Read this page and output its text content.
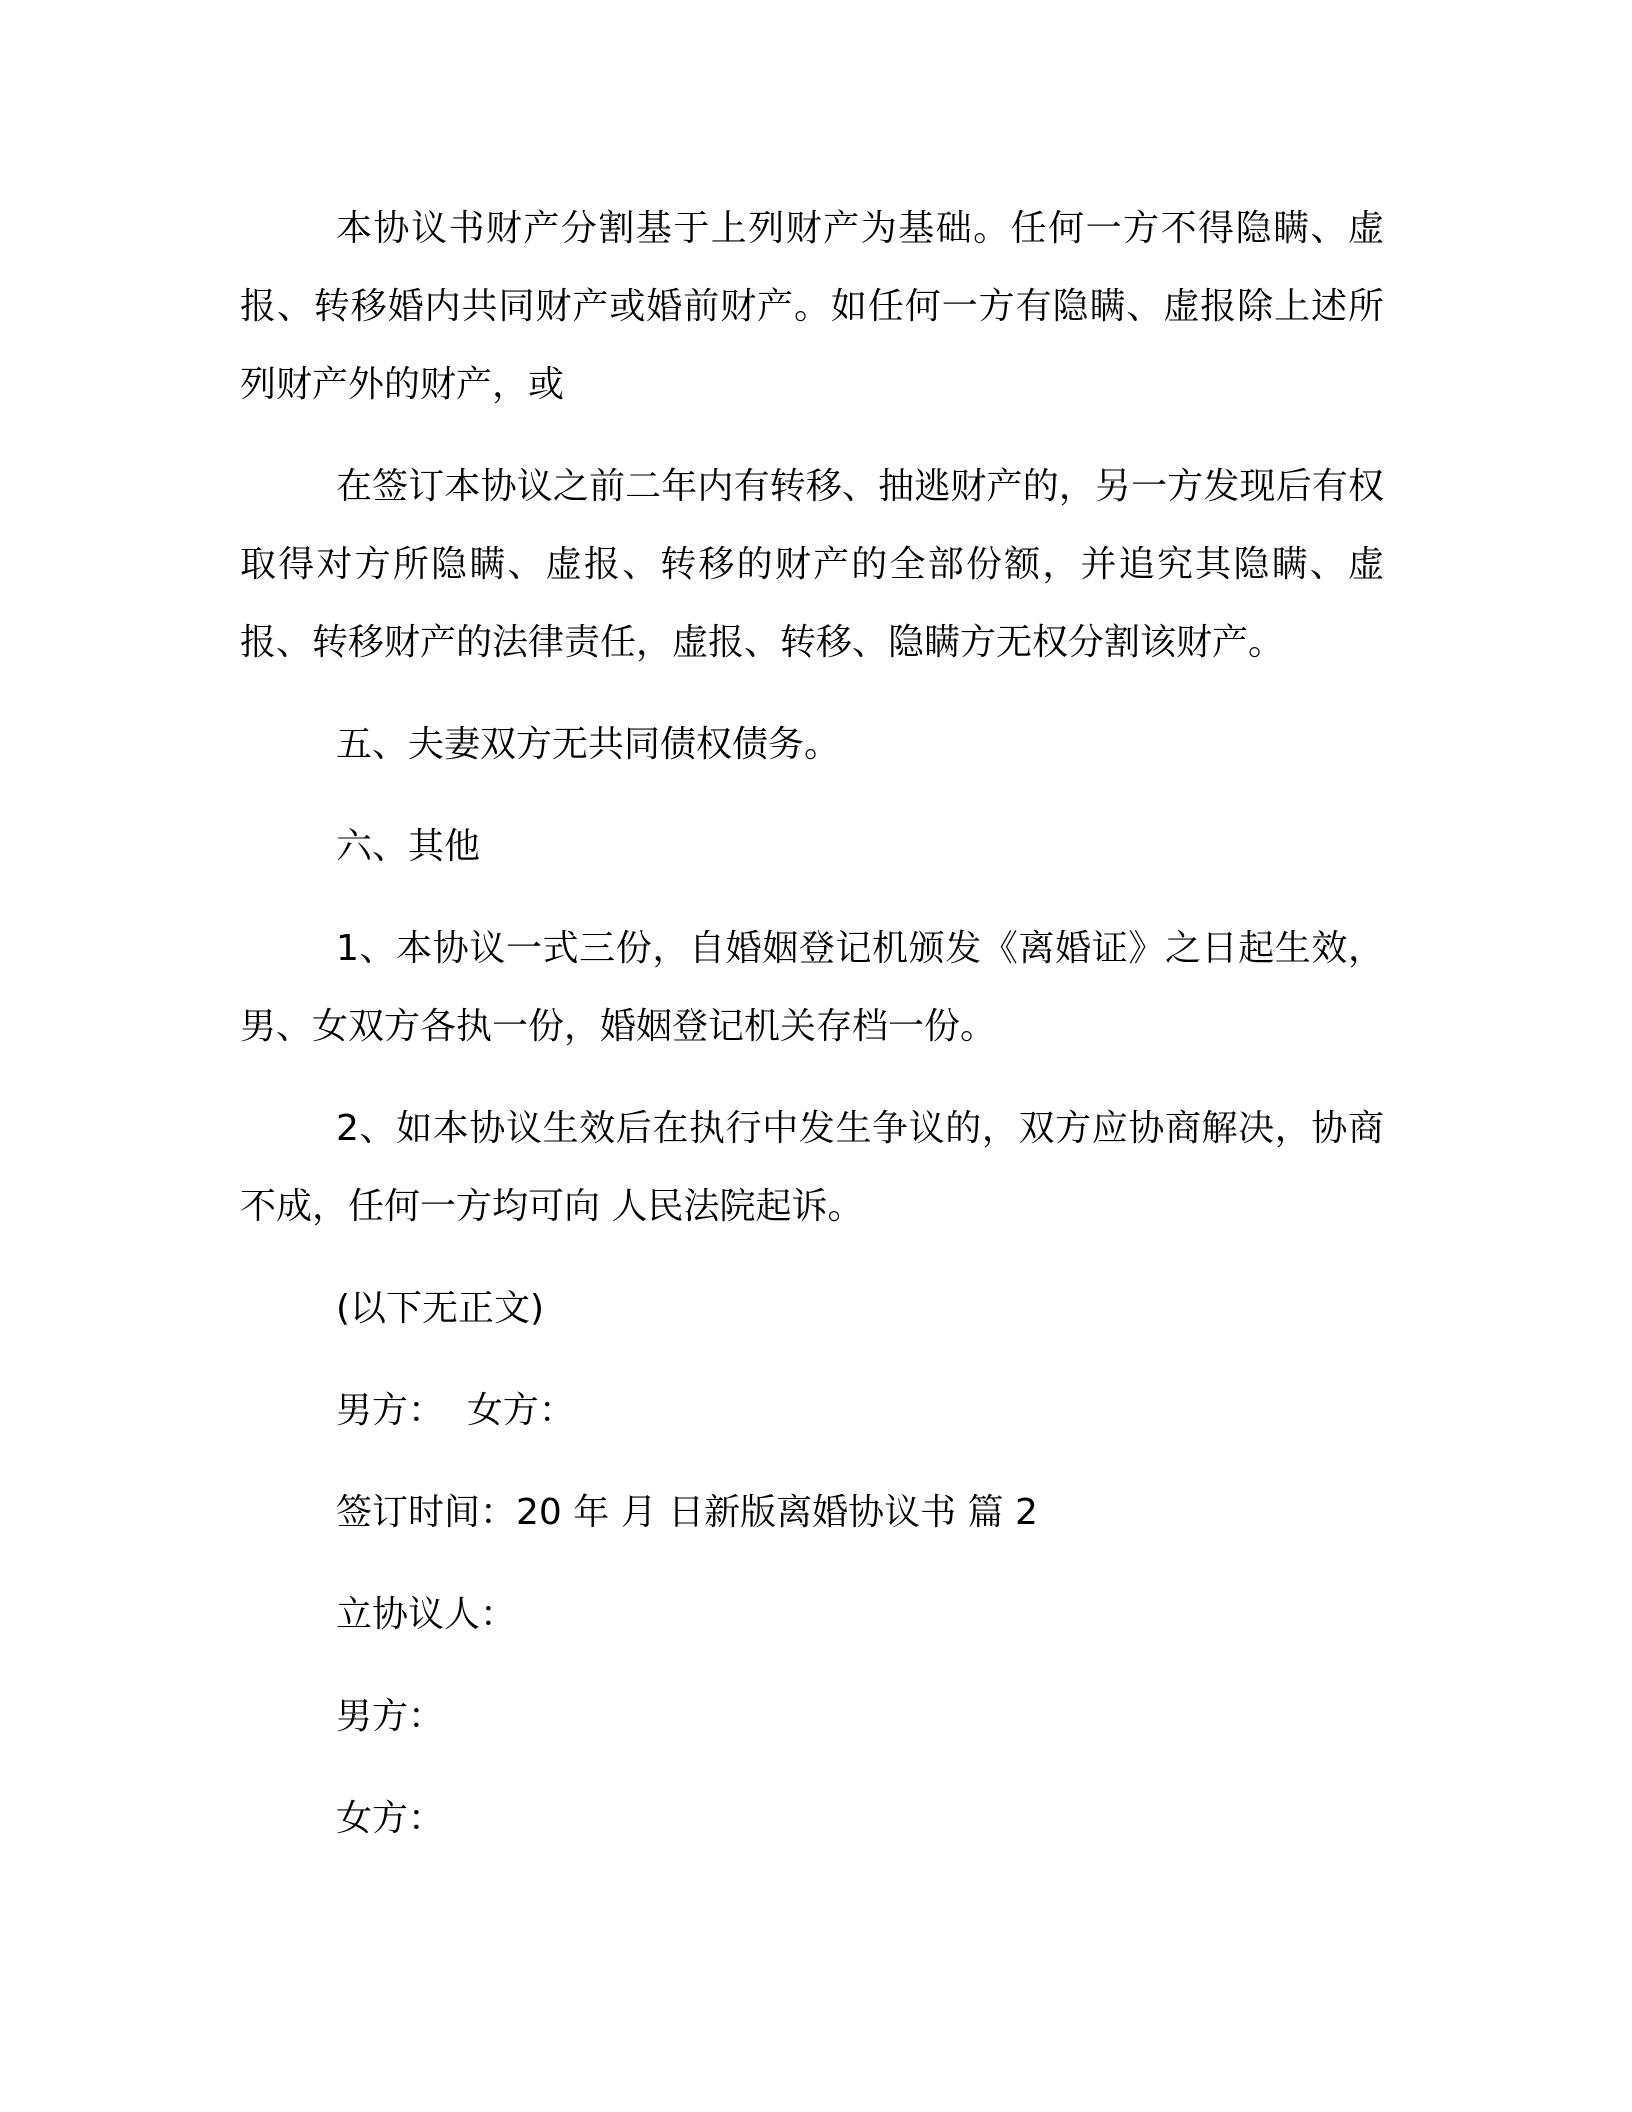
本协议书财产分割基于上列财产为基础。任何一方不得隐瞒、虚报、转移婚内共同财产或婚前财产。如任何一方有隐瞒、虚报除上述所列财产外的财产，或

在签订本协议之前二年内有转移、抽逃财产的，另一方发现后有权取得对方所隐瞒、虚报、转移的财产的全部份额，并追究其隐瞒、虚报、转移财产的法律责任，虚报、转移、隐瞒方无权分割该财产。

五、夫妻双方无共同债权债务。

六、其他

1、本协议一式三份，自婚姻登记机颁发《离婚证》之日起生效，男、女双方各执一份，婚姻登记机关存档一份。

2、如本协议生效后在执行中发生争议的，双方应协商解决，协商不成，任何一方均可向 人民法院起诉。

(以下无正文)

男方：  女方：

签订时间：20 年 月 日新版离婚协议书 篇 2

立协议人：

男方：

女方：
